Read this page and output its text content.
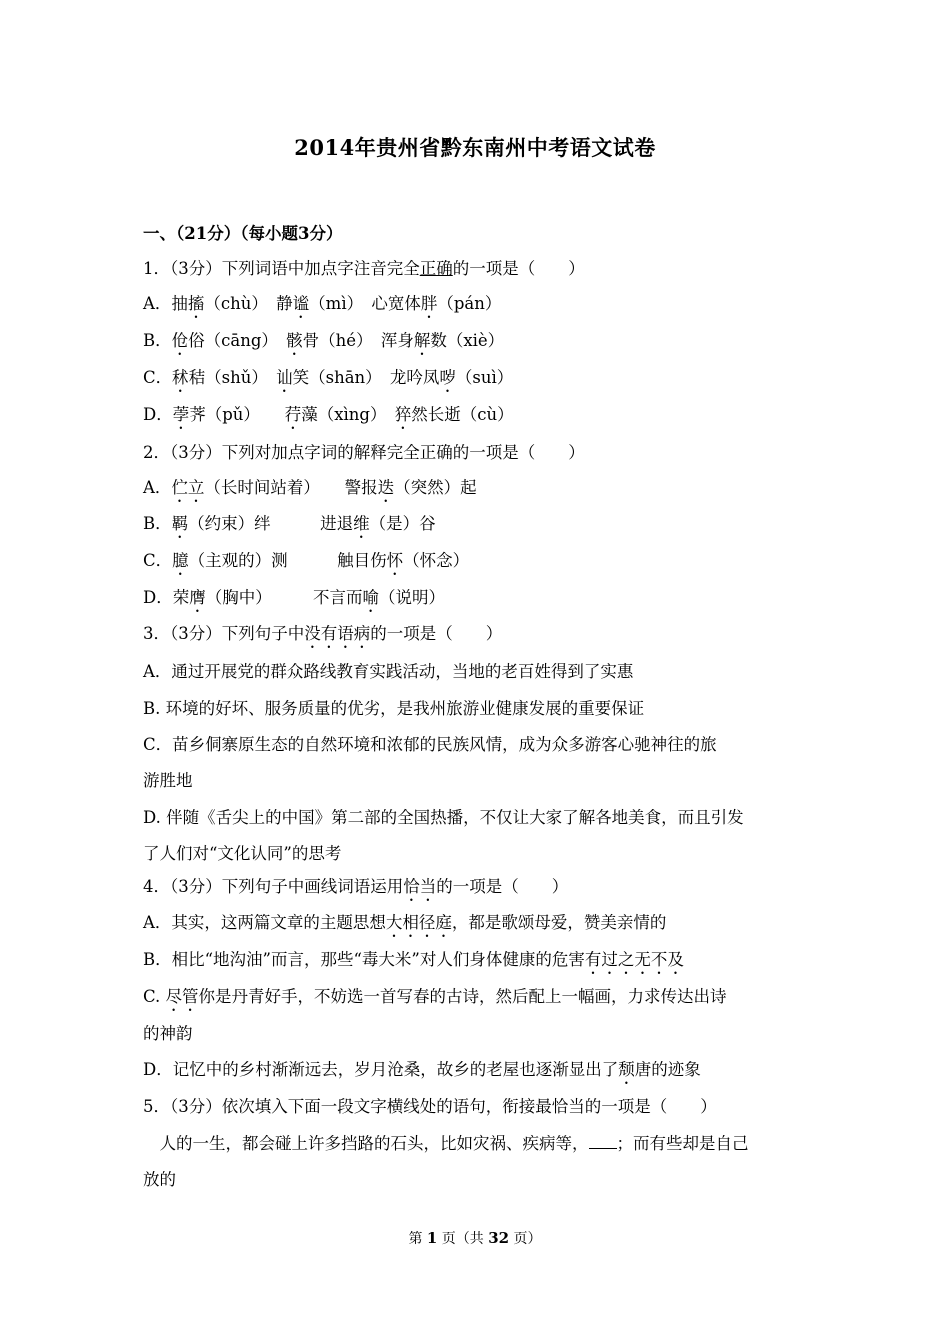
2014年贵州省黔东南州中考语文试卷
一、（21分）（每小题3分）
1．（3分）下列词语中加点字注音完全正确的一项是（　　）
A．抽搐（chù）　静谧（mì）　心宽体胖（pán）
B．伧俗（cāng）　骸骨（hé）　浑身解数（xiè）
C．秫秸（shǔ）　讪笑（shān）　龙吟凤哕（suì）
D．荸荠（pǔ）　　荇藻（xìng）　猝然长逝（cù）
2．（3分）下列对加点字词的解释完全正确的一项是（　　）
A．伫立（长时间站着）　　警报迭（突然）起
B．羁（约束）绊　　　进退维（是）谷
C．臆（主观的）测　　　触目伤怀（怀念）
D．荣膺（胸中）　　　不言而喻（说明）
3．（3分）下列句子中没有语病的一项是（　　）
A．通过开展党的群众路线教育实践活动，当地的老百姓得到了实惠
B. 环境的好坏、服务质量的优劣，是我州旅游业健康发展的重要保证
C．苗乡侗寨原生态的自然环境和浓郁的民族风情，成为众多游客心驰神往的旅
游胜地
D. 伴随《舌尖上的中国》第二部的全国热播，不仅让大家了解各地美食，而且引发
了人们对“文化认同”的思考
4．（3分）下列句子中画线词语运用恰当的一项是（　　）
A．其实，这两篇文章的主题思想大相径庭，都是歌颂母爱，赞美亲情的
B．相比“地沟油”而言，那些“毒大米”对人们身体健康的危害有过之无不及
C. 尽管你是丹青好手，不妨选一首写春的古诗，然后配上一幅画，力求传达出诗
的神韵
D．记忆中的乡村渐渐远去，岁月沧桑，故乡的老屋也逐渐显出了颓唐的迹象
5．（3分）依次填入下面一段文字横线处的语句，衔接最恰当的一项是（　　）
　人的一生，都会碰上许多挡路的石头，比如灾祸、疾病等， ；而有些却是自己
放的
第 1 页（共 32 页）
